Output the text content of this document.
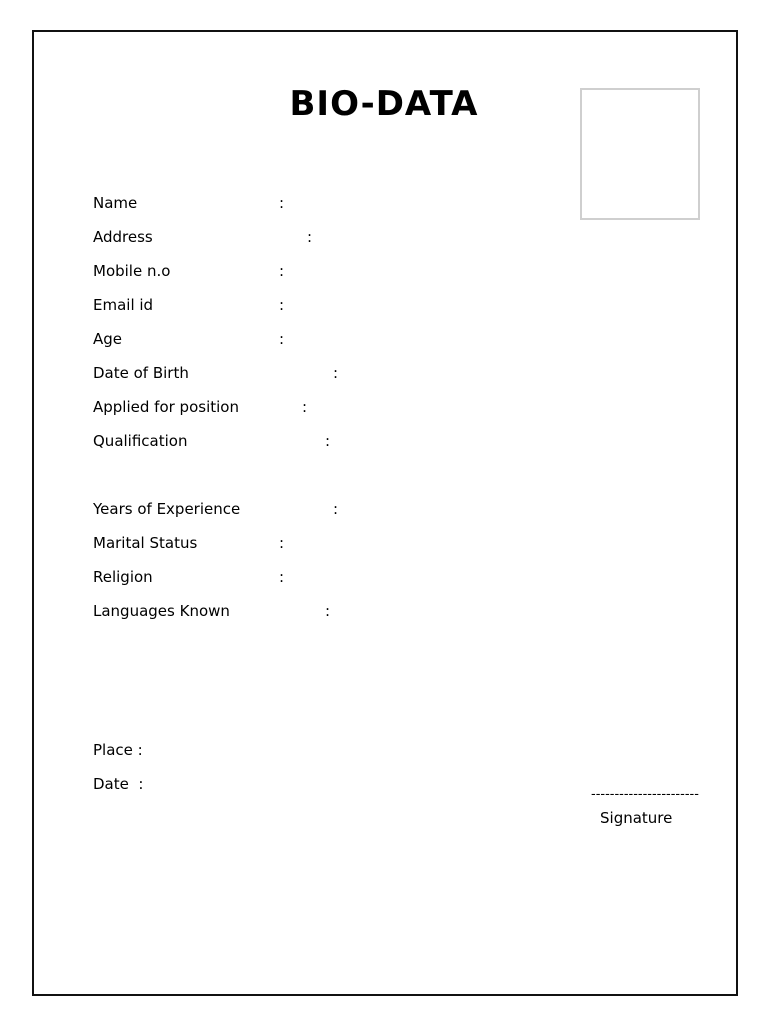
BIO-DATA
Name	:
Address	:
Mobile n.o	:
Email id	:
Age	:
Date of Birth	:
Applied for position	:
Qualification	:
Years of Experience	:
Marital Status	:
Religion	:
Languages Known	:
Place :
Date  :
-----------------------
Signature
